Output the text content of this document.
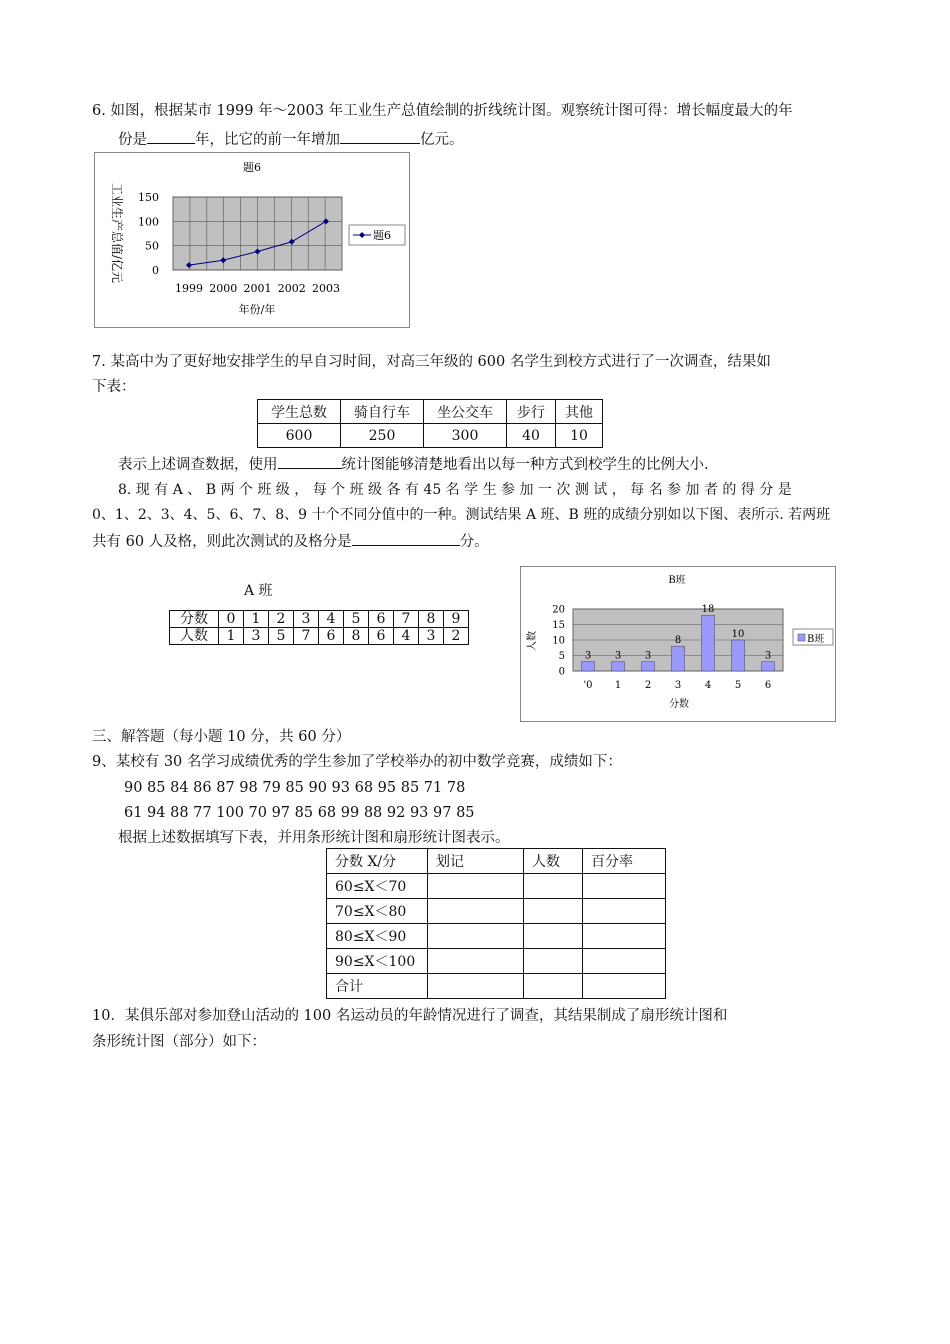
6. 如图，根据某市 1999 年～2003 年工业生产总值绘制的折线统计图。观察统计图可得：增长幅度最大的年
份是	年，比它的前一年增加	亿元。
题6
0
50
100
150
1999 2000 2001 2002 2003
工业生产总值/亿元
年份/年
题6
7. 某高中为了更好地安排学生的早自习时间，对高三年级的 600 名学生到校方式进行了一次调查，结果如
下表：
学生总数	骑自行车	坐公交车	步行	其他
600	250	300	40	10
表示上述调查数据，使用	统计图能够清楚地看出以每一种方式到校学生的比例大小.
8. 现 有 A 、 B 两 个 班 级 ， 每 个 班 级 各 有 45 名 学 生 参 加 一 次 测 试 ， 每 名 参 加 者 的 得 分 是
0、1、2、3、4、5、6、7、8、9 十个不同分值中的一种。测试结果 A 班、B 班的成绩分别如以下图、表所示. 若两班
共有 60 人及格，则此次测试的及格分是	分。
A 班
分数	0	1	2	3	4	5	6	7	8	9
人数	1	3	5	7	6	8	6	4	3	2
B班
0
5
10
15
20
3 3 3
8
18
10
3
'0 1 2 3 4 5 6
人数
分数
B班
三、解答题（每小题 10 分，共 60 分）
9、某校有 30 名学习成绩优秀的学生参加了学校举办的初中数学竞赛，成绩如下：
90 85 84 86 87 98 79 85 90 93 68 95 85 71 78
61 94 88 77 100 70 97 85 68 99 88 92 93 97 85
根据上述数据填写下表，并用条形统计图和扇形统计图表示。
分数 X/分	划记	人数	百分率
60≤X＜70			
70≤X＜80			
80≤X＜90			
90≤X＜100			
合计			
10．某俱乐部对参加登山活动的 100 名运动员的年龄情况进行了调查，其结果制成了扇形统计图和
条形统计图（部分）如下：
